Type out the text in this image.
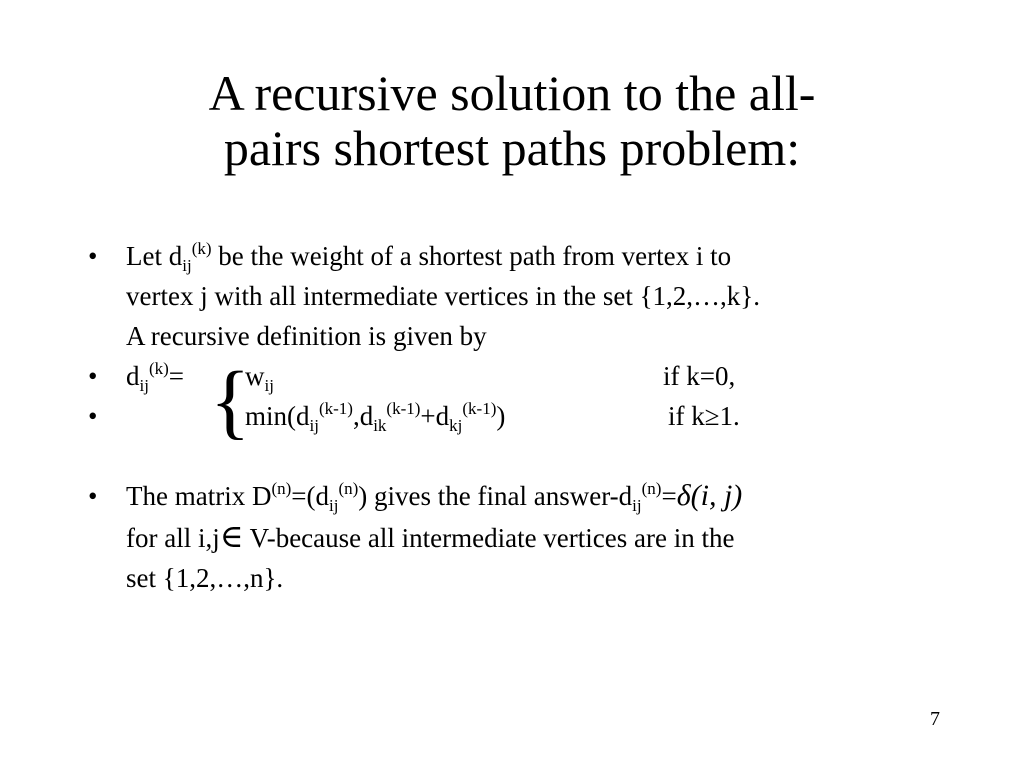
A recursive solution to the all-
pairs shortest paths problem:
• Let $d_{ij}^{(k)}$ be the weight of a shortest path from vertex i to
vertex j with all intermediate vertices in the set {1,2,…,k}.
A recursive definition is given by
• $d_{ij}^{(k)}= w_{ij}$	if k=0,
•	$\min(d_{ij}^{(k-1)},d_{ik}^{(k-1)}+d_{kj}^{(k-1)})$	if k≥1.

• The matrix $D^{(n)}=(d_{ij}^{(n)})$ gives the final answer-$d_{ij}^{(n)}=\delta(i$, j)
for all i,j∈ V-because all intermediate vertices are in the
set {1,2,…,n}.
{
7
